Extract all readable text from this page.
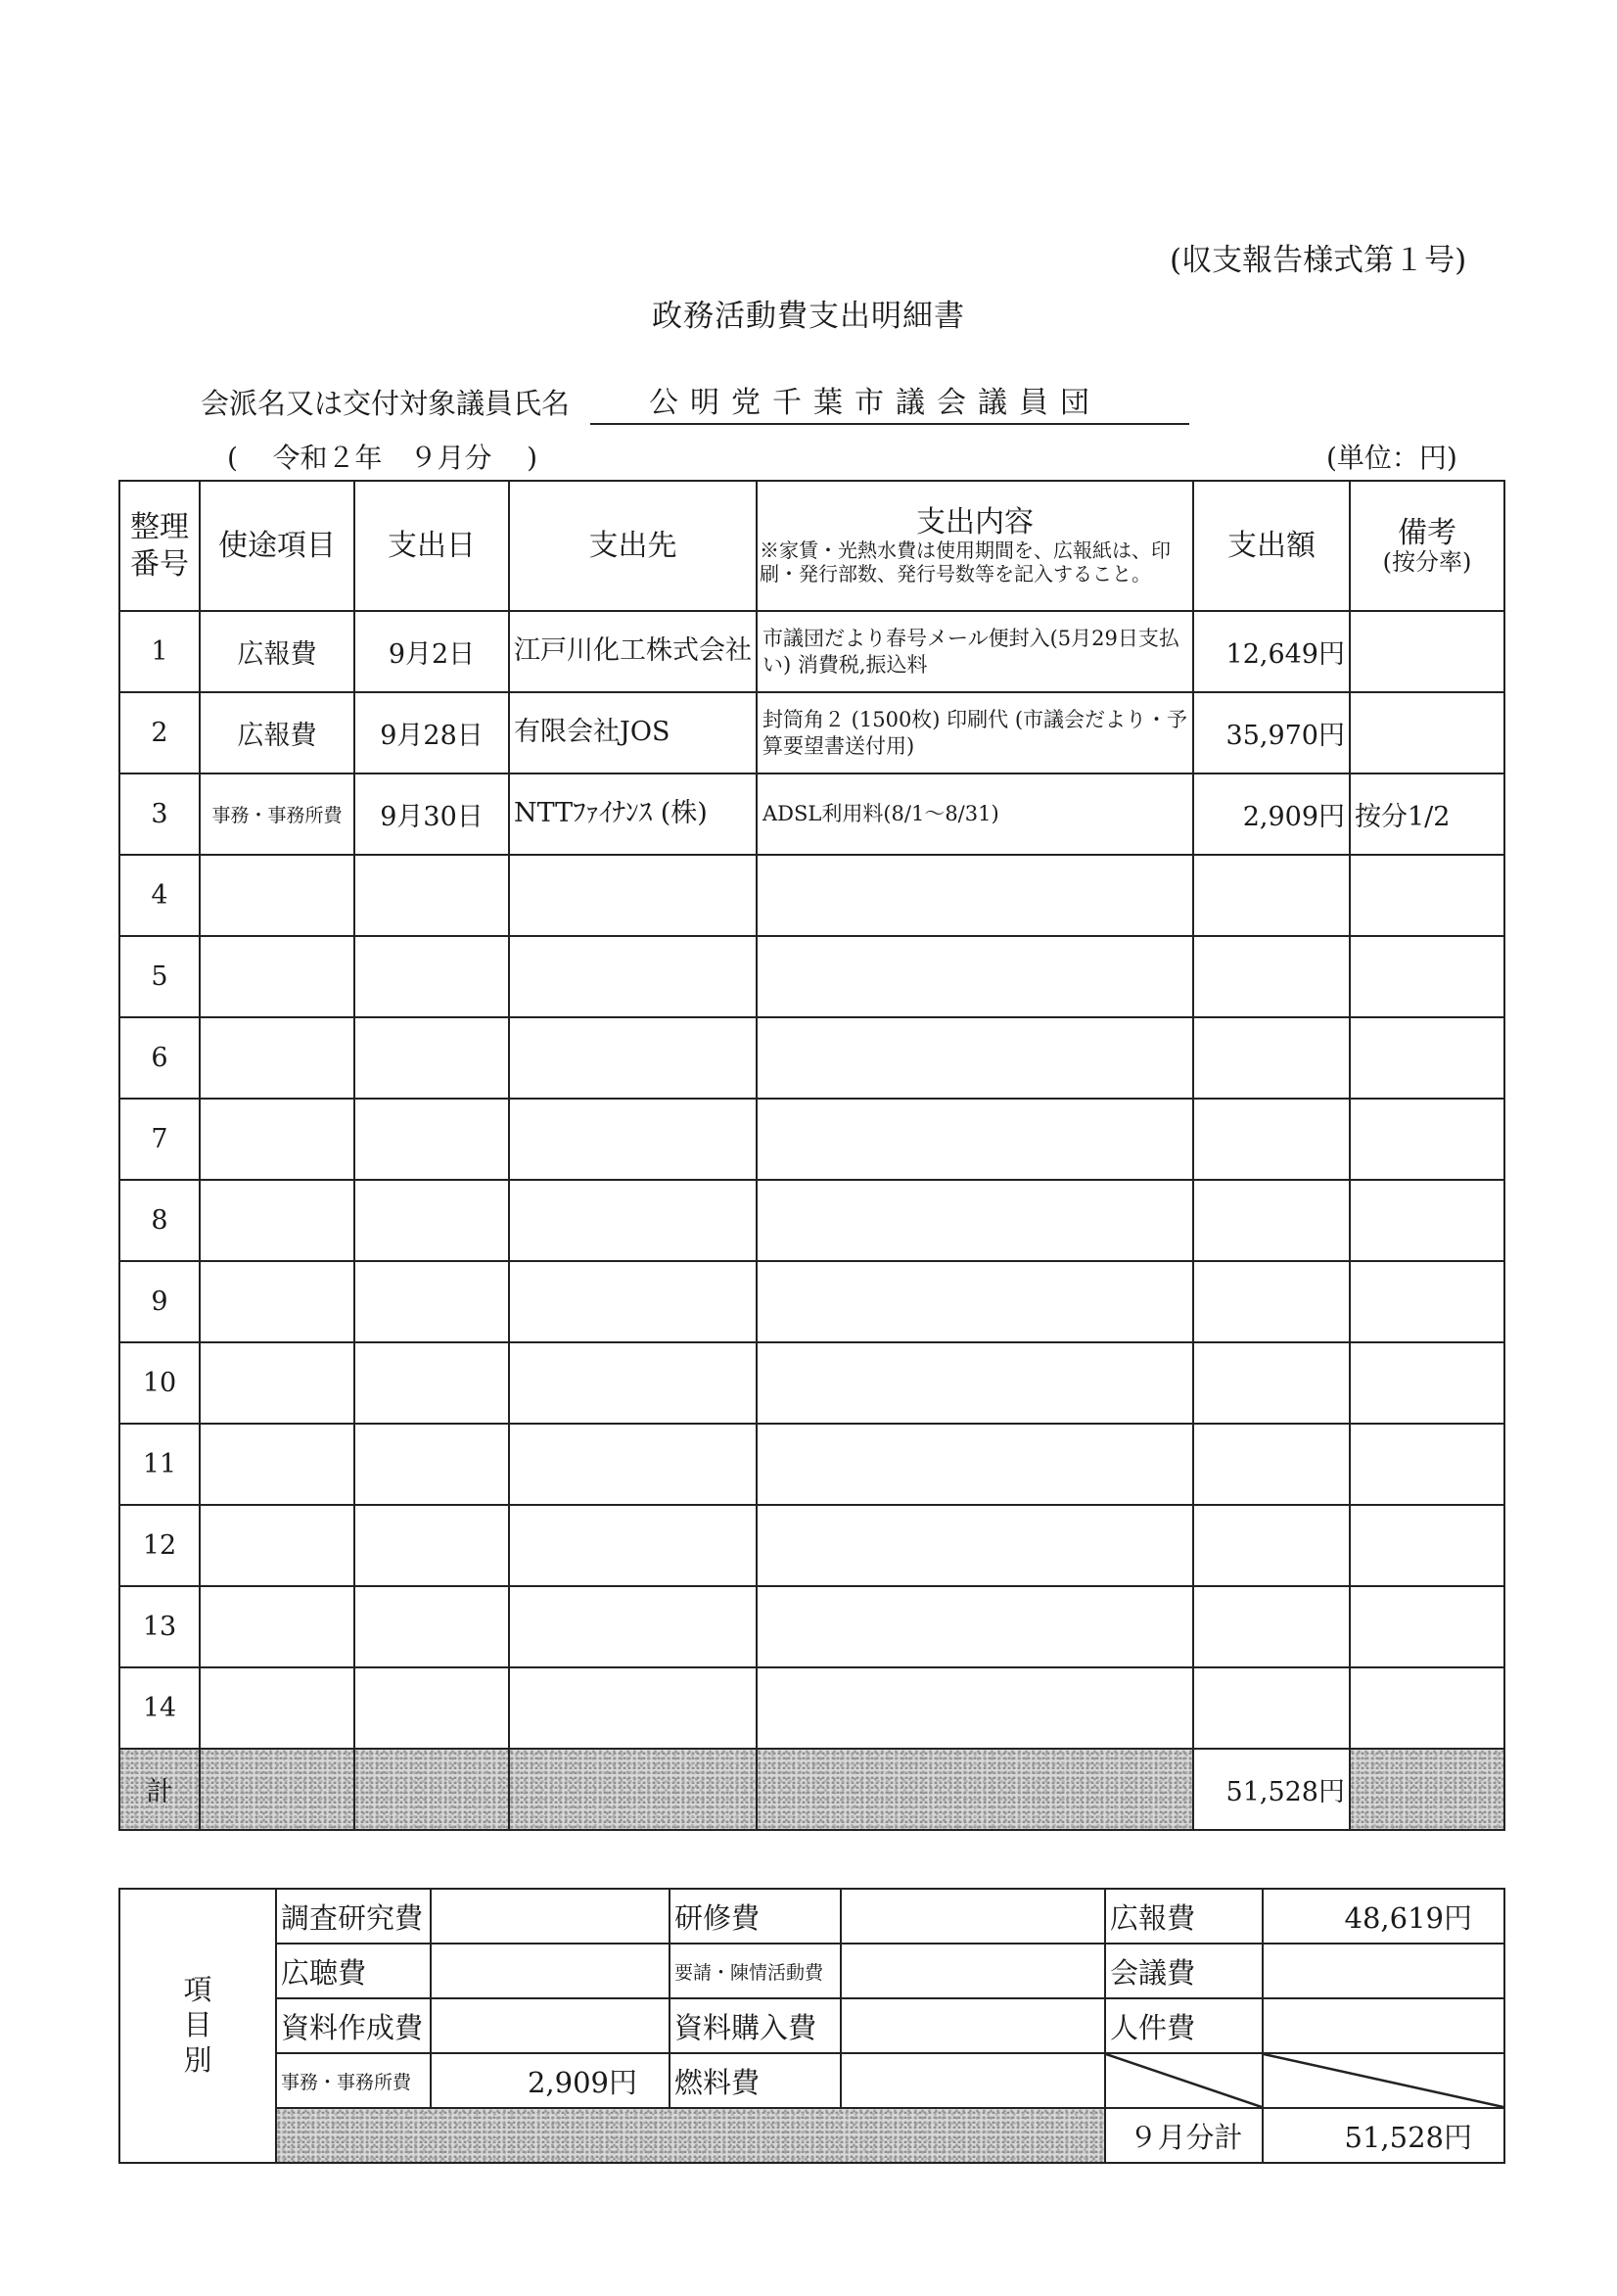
(収支報告様式第１号)
政務活動費支出明細書
会派名又は交付対象議員氏名	公明党千葉市議会議員団
( 令和２年　９月分 )	(単位：円)
整理
番号	使途項目	支出日	支出先	支出内容
※家賃・光熱水費は使用期間を、広報紙は、印刷・発行部数、発行号数等を記入すること。	支出額	備考
(按分率)

1	広報費	9月2日	江戸川化工株式会社	市議団だより春号メール便封入(5月29日支払い) 消費税,振込料	12,649円	
2	広報費	9月28日	有限会社JOS	封筒角２ (1500枚) 印刷代 (市議会だより・予算要望書送付用)	35,970円	
3	事務・事務所費	9月30日	NTTﾌｧｲﾅﾝｽ (株)	ADSL利用料(8/1～8/31)	2,909円	按分1/2
4						
5						
6						
7						
8						
9						
10						
11						
12						
13						
14						
計					51,528円	
項
目
別	調査研究費		研修費		広報費	48,619円
	広聴費		要請・陳情活動費		会議費	
	資料作成費		資料購入費		人件費	
	事務・事務所費	2,909円	燃料費			
					９月分計	51,528円
